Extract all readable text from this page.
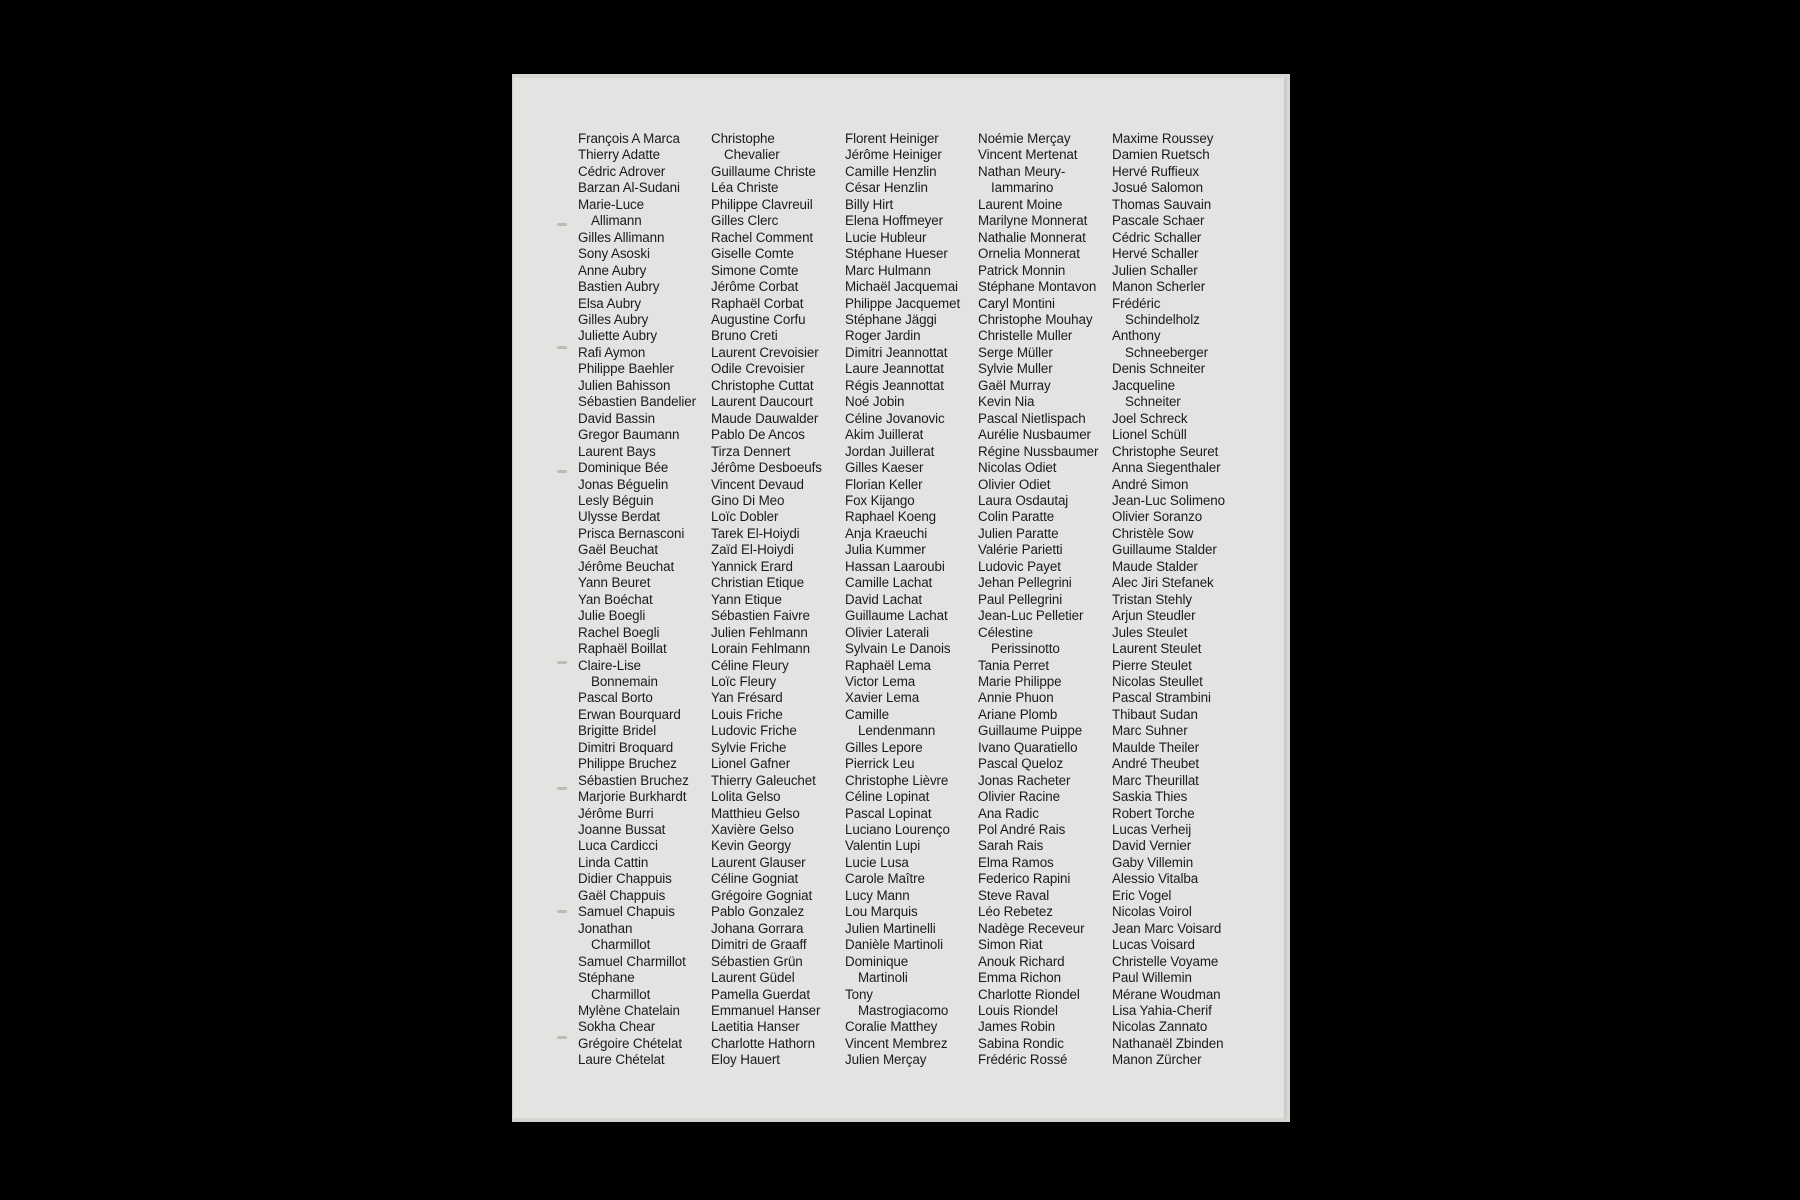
François A Marca
Thierry Adatte
Cédric Adrover
Barzan Al-Sudani
Marie-Luce
Allimann
Gilles Allimann
Sony Asoski
Anne Aubry
Bastien Aubry
Elsa Aubry
Gilles Aubry
Juliette Aubry
Rafi Aymon
Philippe Baehler
Julien Bahisson
Sébastien Bandelier
David Bassin
Gregor Baumann
Laurent Bays
Dominique Bée
Jonas Béguelin
Lesly Béguin
Ulysse Berdat
Prisca Bernasconi
Gaël Beuchat
Jérôme Beuchat
Yann Beuret
Yan Boéchat
Julie Boegli
Rachel Boegli
Raphaël Boillat
Claire-Lise
Bonnemain
Pascal Borto
Erwan Bourquard
Brigitte Bridel
Dimitri Broquard
Philippe Bruchez
Sébastien Bruchez
Marjorie Burkhardt
Jérôme Burri
Joanne Bussat
Luca Cardicci
Linda Cattin
Didier Chappuis
Gaël Chappuis
Samuel Chapuis
Jonathan
Charmillot
Samuel Charmillot
Stéphane
Charmillot
Mylène Chatelain
Sokha Chear
Grégoire Chételat
Laure Chételat
Christophe
Chevalier
Guillaume Christe
Léa Christe
Philippe Clavreuil
Gilles Clerc
Rachel Comment
Giselle Comte
Simone Comte
Jérôme Corbat
Raphaël Corbat
Augustine Corfu
Bruno Creti
Laurent Crevoisier
Odile Crevoisier
Christophe Cuttat
Laurent Daucourt
Maude Dauwalder
Pablo De Ancos
Tirza Dennert
Jérôme Desboeufs
Vincent Devaud
Gino Di Meo
Loïc Dobler
Tarek El-Hoiydi
Zaïd El-Hoiydi
Yannick Erard
Christian Etique
Yann Etique
Sébastien Faivre
Julien Fehlmann
Lorain Fehlmann
Céline Fleury
Loïc Fleury
Yan Frésard
Louis Friche
Ludovic Friche
Sylvie Friche
Lionel Gafner
Thierry Galeuchet
Lolita Gelso
Matthieu Gelso
Xavière Gelso
Kevin Georgy
Laurent Glauser
Céline Gogniat
Grégoire Gogniat
Pablo Gonzalez
Johana Gorrara
Dimitri de Graaff
Sébastien Grün
Laurent Güdel
Pamella Guerdat
Emmanuel Hanser
Laetitia Hanser
Charlotte Hathorn
Eloy Hauert
Florent Heiniger
Jérôme Heiniger
Camille Henzlin
César Henzlin
Billy Hirt
Elena Hoffmeyer
Lucie Hubleur
Stéphane Hueser
Marc Hulmann
Michaël Jacquemai
Philippe Jacquemet
Stéphane Jäggi
Roger Jardin
Dimitri Jeannottat
Laure Jeannottat
Régis Jeannottat
Noé Jobin
Céline Jovanovic
Akim Juillerat
Jordan Juillerat
Gilles Kaeser
Florian Keller
Fox Kijango
Raphael Koeng
Anja Kraeuchi
Julia Kummer
Hassan Laaroubi
Camille Lachat
David Lachat
Guillaume Lachat
Olivier Laterali
Sylvain Le Danois
Raphaël Lema
Victor Lema
Xavier Lema
Camille
Lendenmann
Gilles Lepore
Pierrick Leu
Christophe Lièvre
Céline Lopinat
Pascal Lopinat
Luciano Lourenço
Valentin Lupi
Lucie Lusa
Carole Maître
Lucy Mann
Lou Marquis
Julien Martinelli
Danièle Martinoli
Dominique
Martinoli
Tony
Mastrogiacomo
Coralie Matthey
Vincent Membrez
Julien Merçay
Noémie Merçay
Vincent Mertenat
Nathan Meury-
Iammarino
Laurent Moine
Marilyne Monnerat
Nathalie Monnerat
Ornelia Monnerat
Patrick Monnin
Stéphane Montavon
Caryl Montini
Christophe Mouhay
Christelle Muller
Serge Müller
Sylvie Muller
Gaël Murray
Kevin Nia
Pascal Nietlispach
Aurélie Nusbaumer
Régine Nussbaumer
Nicolas Odiet
Olivier Odiet
Laura Osdautaj
Colin Paratte
Julien Paratte
Valérie Parietti
Ludovic Payet
Jehan Pellegrini
Paul Pellegrini
Jean-Luc Pelletier
Célestine
Perissinotto
Tania Perret
Marie Philippe
Annie Phuon
Ariane Plomb
Guillaume Puippe
Ivano Quaratiello
Pascal Queloz
Jonas Racheter
Olivier Racine
Ana Radic
Pol André Rais
Sarah Rais
Elma Ramos
Federico Rapini
Steve Raval
Léo Rebetez
Nadège Receveur
Simon Riat
Anouk Richard
Emma Richon
Charlotte Riondel
Louis Riondel
James Robin
Sabina Rondic
Frédéric Rossé
Maxime Roussey
Damien Ruetsch
Hervé Ruffieux
Josué Salomon
Thomas Sauvain
Pascale Schaer
Cédric Schaller
Hervé Schaller
Julien Schaller
Manon Scherler
Frédéric
Schindelholz
Anthony
Schneeberger
Denis Schneiter
Jacqueline
Schneiter
Joel Schreck
Lionel Schüll
Christophe Seuret
Anna Siegenthaler
André Simon
Jean-Luc Solimeno
Olivier Soranzo
Christèle Sow
Guillaume Stalder
Maude Stalder
Alec Jiri Stefanek
Tristan Stehly
Arjun Steudler
Jules Steulet
Laurent Steulet
Pierre Steulet
Nicolas Steullet
Pascal Strambini
Thibaut Sudan
Marc Suhner
Maulde Theiler
André Theubet
Marc Theurillat
Saskia Thies
Robert Torche
Lucas Verheij
David Vernier
Gaby Villemin
Alessio Vitalba
Eric Vogel
Nicolas Voirol
Jean Marc Voisard
Lucas Voisard
Christelle Voyame
Paul Willemin
Mérane Woudman
Lisa Yahia-Cherif
Nicolas Zannato
Nathanaël Zbinden
Manon Zürcher
